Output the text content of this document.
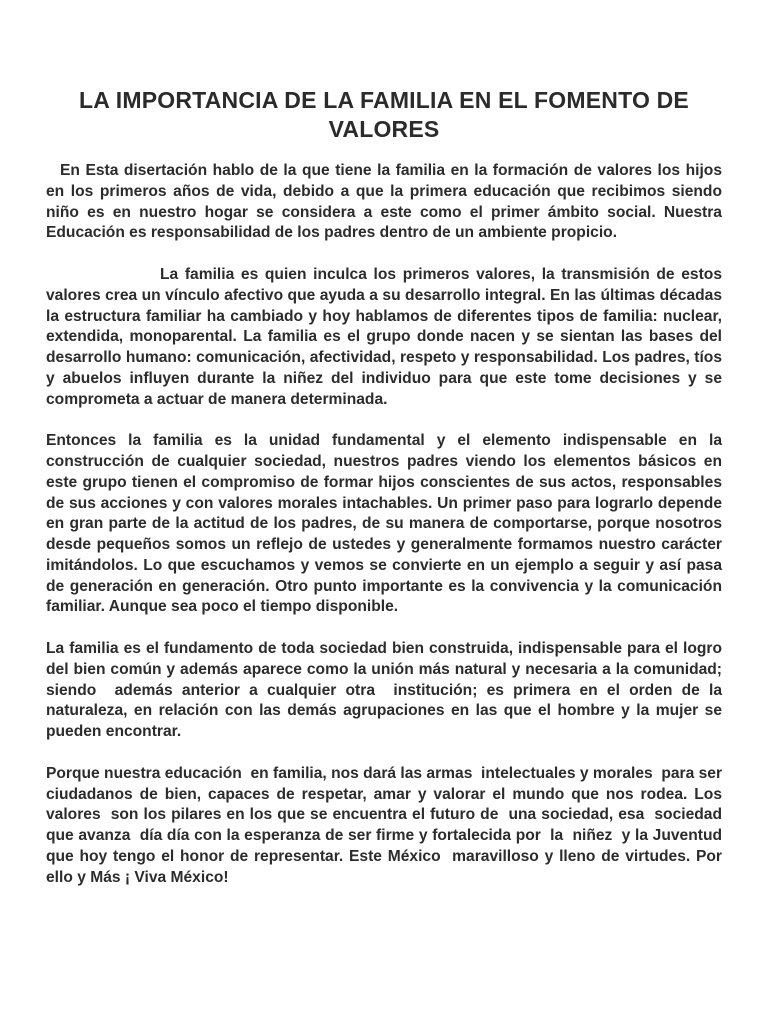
LA IMPORTANCIA DE LA FAMILIA EN EL FOMENTO DE VALORES

En Esta disertación hablo de la que tiene la familia en la formación de valores los hijos en los primeros años de vida, debido a que la primera educación que recibimos siendo niño es en nuestro hogar se considera a este como el primer ámbito social. Nuestra Educación es responsabilidad de los padres dentro de un ambiente propicio.

La familia es quien inculca los primeros valores, la transmisión de estos valores crea un vínculo afectivo que ayuda a su desarrollo integral. En las últimas décadas la estructura familiar ha cambiado y hoy hablamos de diferentes tipos de familia: nuclear, extendida, monoparental. La familia es el grupo donde nacen y se sientan las bases del desarrollo humano: comunicación, afectividad, respeto y responsabilidad. Los padres, tíos y abuelos influyen durante la niñez del individuo para que este tome decisiones y se comprometa a actuar de manera determinada.

Entonces la familia es la unidad fundamental y el elemento indispensable en la construcción de cualquier sociedad, nuestros padres viendo los elementos básicos en este grupo tienen el compromiso de formar hijos conscientes de sus actos, responsables de sus acciones y con valores morales intachables. Un primer paso para lograrlo depende en gran parte de la actitud de los padres, de su manera de comportarse, porque nosotros desde pequeños somos un reflejo de ustedes y generalmente formamos nuestro carácter imitándolos. Lo que escuchamos y vemos se convierte en un ejemplo a seguir y así pasa de generación en generación. Otro punto importante es la convivencia y la comunicación familiar. Aunque sea poco el tiempo disponible.

La familia es el fundamento de toda sociedad bien construida, indispensable para el logro del bien común y además aparece como la unión más natural y necesaria a la comunidad; siendo  además anterior a cualquier otra  institución; es primera en el orden de la naturaleza, en relación con las demás agrupaciones en las que el hombre y la mujer se pueden encontrar.

Porque nuestra educación  en familia, nos dará las armas  intelectuales y morales  para ser ciudadanos de bien, capaces de respetar, amar y valorar el mundo que nos rodea. Los valores  son los pilares en los que se encuentra el futuro de  una sociedad, esa  sociedad  que avanza  día día con la esperanza de ser firme y fortalecida por  la  niñez  y la Juventud que hoy tengo el honor de representar. Este México  maravilloso y lleno de virtudes. Por ello y Más ¡ Viva México!
